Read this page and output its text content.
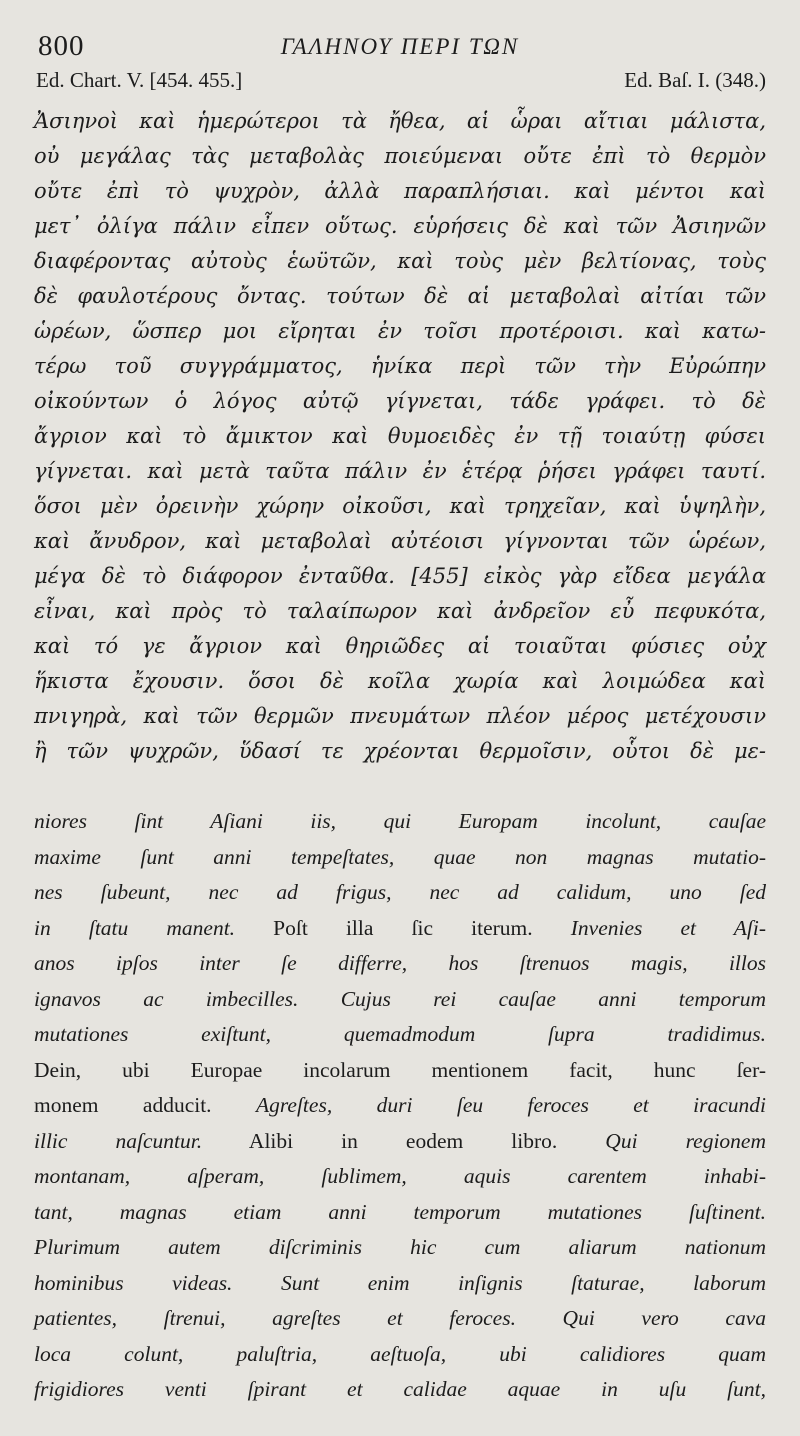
800	ΓΑΛΗΝΟΥ ΠΕΡΙ ΤΩΝ
Ed. Chart. V. [454. 455.]	Ed. Baſ. I. (348.)
Ἀσιηνοὶ καὶ ἡμερώτεροι τὰ ἤθεα, αἱ ὧραι αἴτιαι μάλιστα,
οὐ μεγάλας τὰς μεταβολὰς ποιεύμεναι οὔτε ἐπὶ τὸ θερμὸν
οὔτε ἐπὶ τὸ ψυχρὸν, ἀλλὰ παραπλήσιαι. καὶ μέντοι καὶ
μετ᾽ ὀλίγα πάλιν εἶπεν οὕτως. εὑρήσεις δὲ καὶ τῶν Ἀσιηνῶν
διαφέροντας αὐτοὺς ἑωϋτῶν, καὶ τοὺς μὲν βελτίονας, τοὺς
δὲ φαυλοτέρους ὄντας. τούτων δὲ αἱ μεταβολαὶ αἰτίαι τῶν
ὡρέων, ὥσπερ μοι εἴρηται ἐν τοῖσι προτέροισι. καὶ κατω-
τέρω τοῦ συγγράμματος, ἡνίκα περὶ τῶν τὴν Εὐρώπην
οἰκούντων ὁ λόγος αὐτῷ γίγνεται, τάδε γράφει. τὸ δὲ
ἄγριον καὶ τὸ ἄμικτον καὶ θυμοειδὲς ἐν τῇ τοιαύτῃ φύσει
γίγνεται. καὶ μετὰ ταῦτα πάλιν ἐν ἑτέρᾳ ῥήσει γράφει ταυτί.
ὅσοι μὲν ὀρεινὴν χώρην οἰκοῦσι, καὶ τρηχεῖαν, καὶ ὑψηλὴν,
καὶ ἄνυδρον, καὶ μεταβολαὶ αὐτέοισι γίγνονται τῶν ὡρέων,
μέγα δὲ τὸ διάφορον ἐνταῦθα. [455] εἰκὸς γὰρ εἴδεα μεγάλα
εἶναι, καὶ πρὸς τὸ ταλαίπωρον καὶ ἀνδρεῖον εὖ πεφυκότα,
καὶ τό γε ἄγριον καὶ θηριῶδες αἱ τοιαῦται φύσιες οὐχ
ἥκιστα ἔχουσιν. ὅσοι δὲ κοῖλα χωρία καὶ λοιμώδεα καὶ
πνιγηρὰ, καὶ τῶν θερμῶν πνευμάτων πλέον μέρος μετέχουσιν
ἢ τῶν ψυχρῶν, ὕδασί τε χρέονται θερμοῖσιν, οὗτοι δὲ με-
niores ſint Aſiani iis, qui Europam incolunt, cauſae
maxime ſunt anni tempeſtates, quae non magnas mutatio-
nes ſubeunt, nec ad frigus, nec ad calidum, uno ſed
in ſtatu manent. Poſt illa ſic iterum. Invenies et Aſi-
anos ipſos inter ſe differre, hos ſtrenuos magis, illos
ignavos ac imbecilles. Cujus rei cauſae anni temporum
mutationes exiſtunt, quemadmodum ſupra tradidimus.
Dein, ubi Europae incolarum mentionem facit, hunc ſer-
monem adducit. Agreſtes, duri ſeu feroces et iracundi
illic naſcuntur. Alibi in eodem libro. Qui regionem
montanam, aſperam, ſublimem, aquis carentem inhabi-
tant, magnas etiam anni temporum mutationes ſuſtinent.
Plurimum autem diſcriminis hic cum aliarum nationum
hominibus videas. Sunt enim inſignis ſtaturae, laborum
patientes, ſtrenui, agreſtes et feroces. Qui vero cava
loca colunt, paluſtria, aeſtuoſa, ubi calidiores quam
frigidiores venti ſpirant et calidae aquae in uſu ſunt,
